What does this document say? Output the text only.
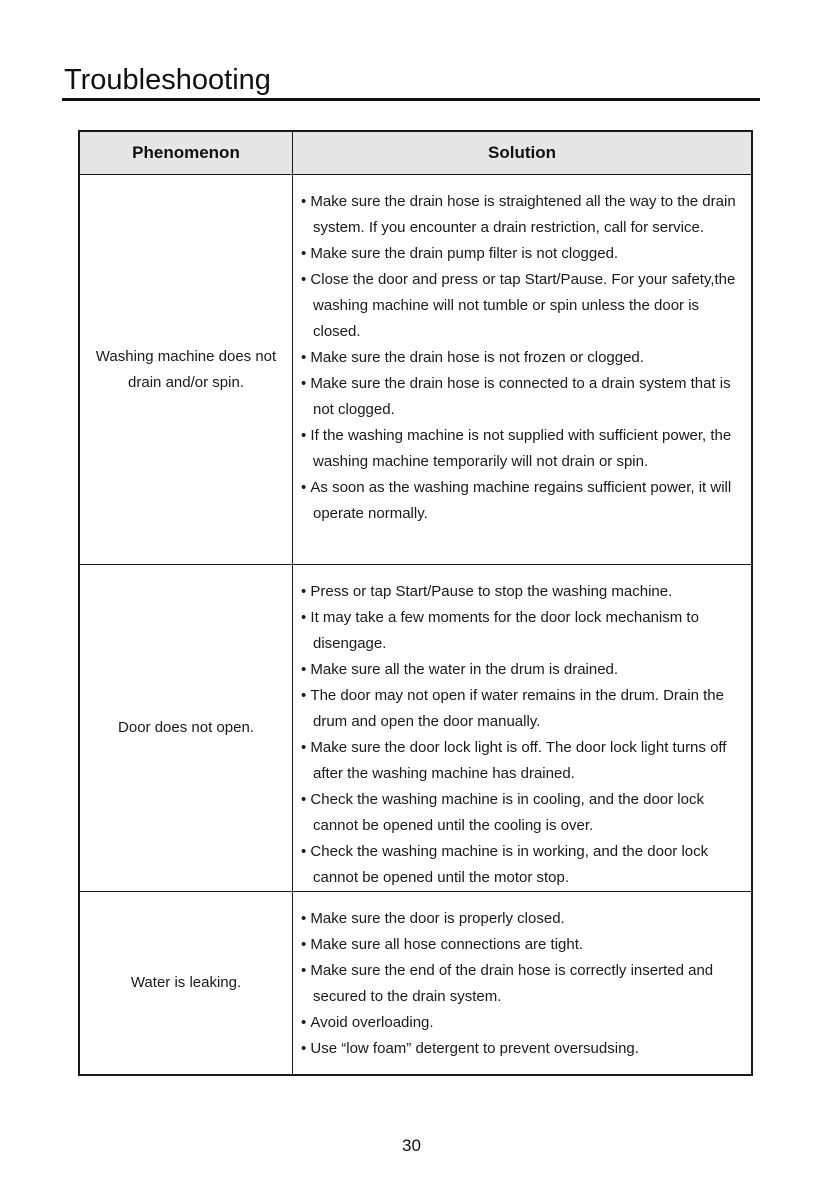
Troubleshooting
Phenomenon	Solution
Washing machine does not drain and/or spin.
• Make sure the drain hose is straightened all the way to the drain system. If you encounter a drain restriction, call for service.
• Make sure the drain pump filter is not clogged.
• Close the door and press or tap Start/Pause. For your safety,the washing machine will not tumble or spin unless the door is closed.
• Make sure the drain hose is not frozen or clogged.
• Make sure the drain hose is connected to a drain system that is not clogged.
• If the washing machine is not supplied with sufficient power, the washing machine temporarily will not drain or spin.
• As soon as the washing machine regains sufficient power, it will operate normally.
Door does not open.
• Press or tap Start/Pause to stop the washing machine.
• It may take a few moments for the door lock mechanism to disengage.
• Make sure all the water in the drum is drained.
• The door may not open if water remains in the drum. Drain the drum and open the door manually.
• Make sure the door lock light is off. The door lock light turns off after the washing machine has drained.
• Check the washing machine is in cooling, and the door lock cannot be opened until the cooling is over.
• Check the washing machine is in working, and the door lock cannot be opened until the motor stop.
Water is leaking.
• Make sure the door is properly closed.
• Make sure all hose connections are tight.
• Make sure the end of the drain hose is correctly inserted and secured to the drain system.
• Avoid overloading.
• Use “low foam” detergent to prevent oversudsing.
30
